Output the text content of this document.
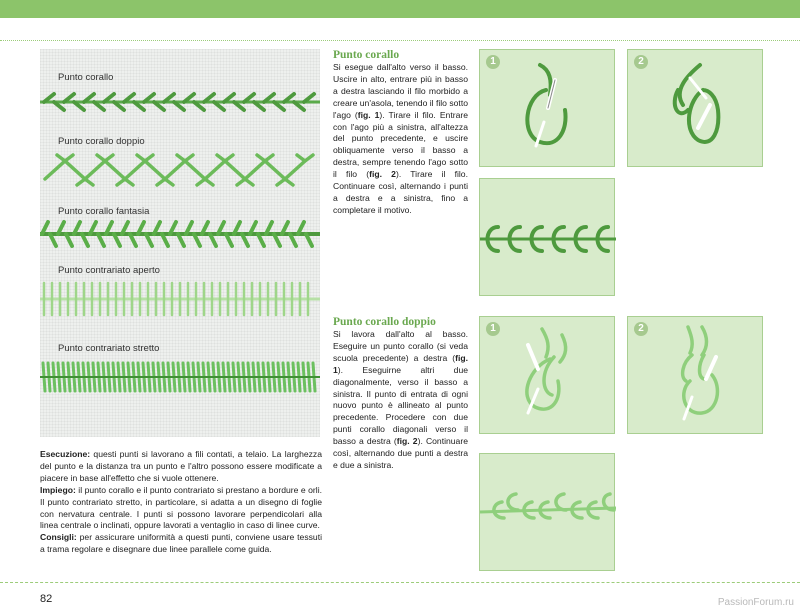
Punto corallo
Punto corallo doppio
Punto corallo fantasia
Punto contrariato aperto
Punto contrariato stretto

Esecuzione: questi punti si lavorano a fili contati, a telaio. La larghezza del punto e la distanza tra un punto e l'altro possono essere modificate a piacere in base all'effetto che si vuole ottenere.

Impiego: il punto corallo e il punto contrariato si prestano a bordure e orli. Il punto contrariato stretto, in particolare, si adatta a un disegno di foglie con nervatura centrale. I punti si possono lavorare perpendicolari alla linea centrale o inclinati, oppure lavorati a ventaglio in caso di linee curve.

Consigli: per assicurare uniformità a questi punti, conviene usare tessuti a trama regolare e disegnare due linee parallele come guida.

Punto corallo

Si esegue dall'alto verso il basso. Uscire in alto, entrare più in basso a destra lasciando il filo morbido a creare un'asola, tenendo il filo sotto l'ago (fig. 1). Tirare il filo. Entrare con l'ago più a sinistra, all'altezza del punto precedente, e uscire obliquamente verso il basso a destra, sempre tenendo l'ago sotto il filo (fig. 2). Tirare il filo. Continuare così, alternando i punti a destra e a sinistra, fino a completare il motivo.

Punto corallo doppio

Si lavora dall'alto al basso. Eseguire un punto corallo (si veda scuola precedente) a destra (fig. 1). Eseguirne altri due diagonalmente, verso il basso a sinistra. Il punto di entrata di ogni nuovo punto è allineato al punto precedente. Procedere con due punti corallo diagonali verso il basso a destra (fig. 2). Continuare così, alternando due punti a destra e due a sinistra.

1	2
1	2
82	PassionForum.ru
